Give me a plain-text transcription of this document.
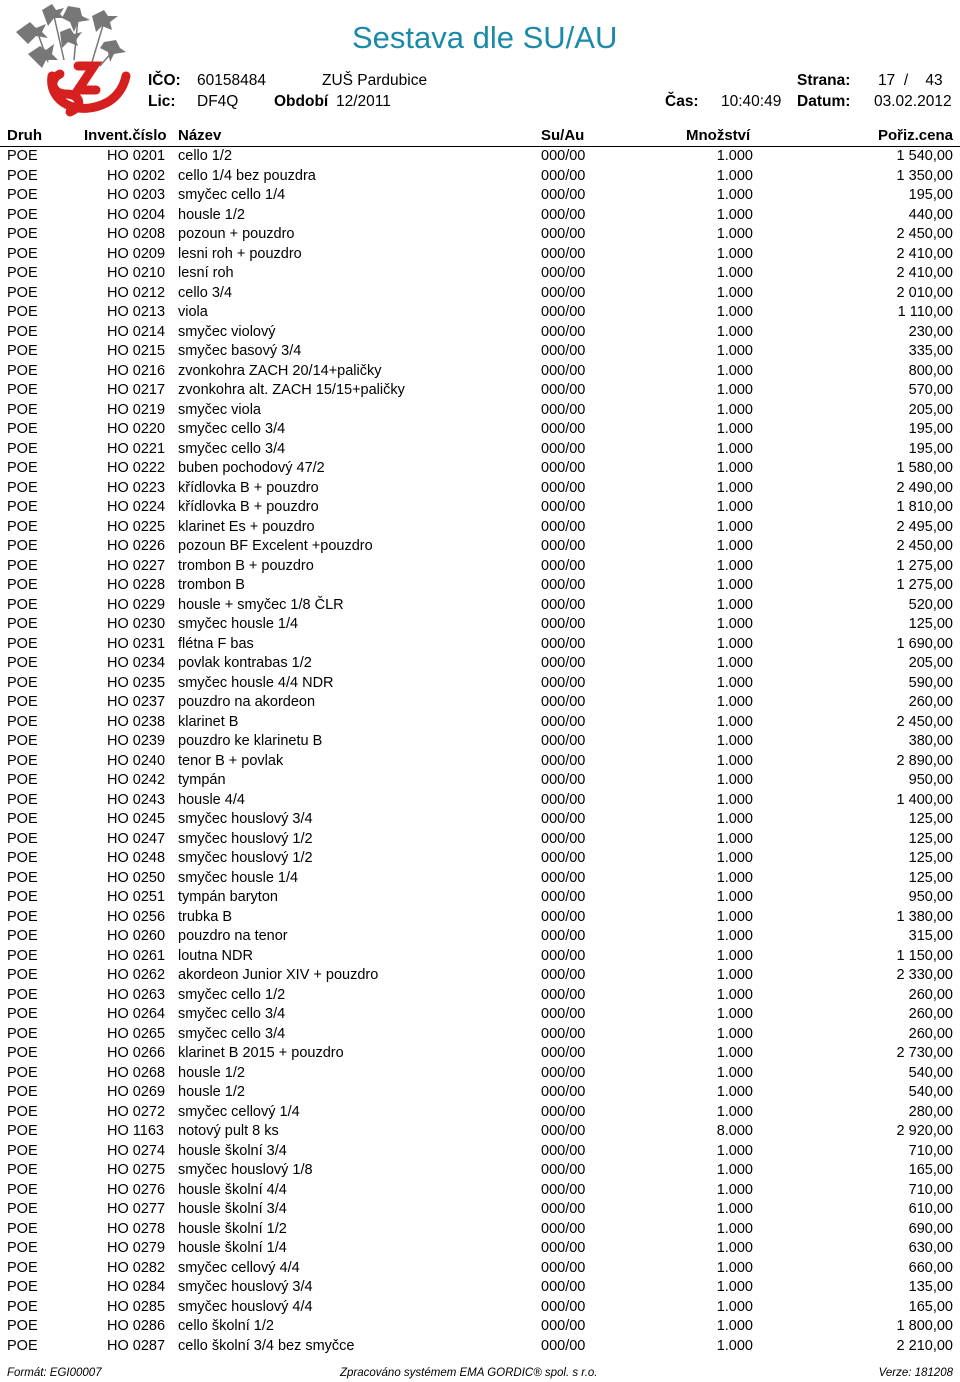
Sestava dle SU/AU
IČO: 60158484	ZUŠ Pardubice
Lic: DF4Q Období 12/2011
Strana: 17  /    43
Čas: 10:40:49 Datum: 03.02.2012
Druh	Invent.číslo Název	Su/Au	Množství	Pořiz.cena
POE	HO 0201 cello 1/2	000/00	1.000	1 540,00
POE	HO 0202 cello 1/4 bez pouzdra	000/00	1.000	1 350,00
POE	HO 0203 smyčec cello 1/4	000/00	1.000	195,00
POE	HO 0204 housle 1/2	000/00	1.000	440,00
POE	HO 0208 pozoun + pouzdro	000/00	1.000	2 450,00
POE	HO 0209 lesni roh + pouzdro	000/00	1.000	2 410,00
POE	HO 0210 lesní roh	000/00	1.000	2 410,00
POE	HO 0212 cello 3/4	000/00	1.000	2 010,00
POE	HO 0213 viola	000/00	1.000	1 110,00
POE	HO 0214 smyčec violový	000/00	1.000	230,00
POE	HO 0215 smyčec basový 3/4	000/00	1.000	335,00
POE	HO 0216 zvonkohra ZACH 20/14+paličky	000/00	1.000	800,00
POE	HO 0217 zvonkohra alt. ZACH 15/15+paličky	000/00	1.000	570,00
POE	HO 0219 smyčec viola	000/00	1.000	205,00
POE	HO 0220 smyčec cello 3/4	000/00	1.000	195,00
POE	HO 0221 smyčec cello 3/4	000/00	1.000	195,00
POE	HO 0222 buben pochodový 47/2	000/00	1.000	1 580,00
POE	HO 0223 křídlovka B + pouzdro	000/00	1.000	2 490,00
POE	HO 0224 křídlovka B + pouzdro	000/00	1.000	1 810,00
POE	HO 0225 klarinet Es + pouzdro	000/00	1.000	2 495,00
POE	HO 0226 pozoun BF Excelent +pouzdro	000/00	1.000	2 450,00
POE	HO 0227 trombon B + pouzdro	000/00	1.000	1 275,00
POE	HO 0228 trombon B	000/00	1.000	1 275,00
POE	HO 0229 housle + smyčec 1/8 ČLR	000/00	1.000	520,00
POE	HO 0230 smyčec housle 1/4	000/00	1.000	125,00
POE	HO 0231 flétna F bas	000/00	1.000	1 690,00
POE	HO 0234 povlak kontrabas 1/2	000/00	1.000	205,00
POE	HO 0235 smyčec housle 4/4 NDR	000/00	1.000	590,00
POE	HO 0237 pouzdro na akordeon	000/00	1.000	260,00
POE	HO 0238 klarinet B	000/00	1.000	2 450,00
POE	HO 0239 pouzdro ke klarinetu B	000/00	1.000	380,00
POE	HO 0240 tenor B + povlak	000/00	1.000	2 890,00
POE	HO 0242 tympán	000/00	1.000	950,00
POE	HO 0243 housle 4/4	000/00	1.000	1 400,00
POE	HO 0245 smyčec houslový 3/4	000/00	1.000	125,00
POE	HO 0247 smyčec houslový 1/2	000/00	1.000	125,00
POE	HO 0248 smyčec houslový 1/2	000/00	1.000	125,00
POE	HO 0250 smyčec housle 1/4	000/00	1.000	125,00
POE	HO 0251 tympán baryton	000/00	1.000	950,00
POE	HO 0256 trubka B	000/00	1.000	1 380,00
POE	HO 0260 pouzdro na tenor	000/00	1.000	315,00
POE	HO 0261 loutna NDR	000/00	1.000	1 150,00
POE	HO 0262 akordeon Junior XIV + pouzdro	000/00	1.000	2 330,00
POE	HO 0263 smyčec cello 1/2	000/00	1.000	260,00
POE	HO 0264 smyčec cello 3/4	000/00	1.000	260,00
POE	HO 0265 smyčec cello 3/4	000/00	1.000	260,00
POE	HO 0266 klarinet B 2015 + pouzdro	000/00	1.000	2 730,00
POE	HO 0268 housle 1/2	000/00	1.000	540,00
POE	HO 0269 housle 1/2	000/00	1.000	540,00
POE	HO 0272 smyčec cellový 1/4	000/00	1.000	280,00
POE	HO 1163 notový pult 8 ks	000/00	8.000	2 920,00
POE	HO 0274 housle školní 3/4	000/00	1.000	710,00
POE	HO 0275 smyčec houslový 1/8	000/00	1.000	165,00
POE	HO 0276 housle školní 4/4	000/00	1.000	710,00
POE	HO 0277 housle školní 3/4	000/00	1.000	610,00
POE	HO 0278 housle školní 1/2	000/00	1.000	690,00
POE	HO 0279 housle školní 1/4	000/00	1.000	630,00
POE	HO 0282 smyčec cellový 4/4	000/00	1.000	660,00
POE	HO 0284 smyčec houslový 3/4	000/00	1.000	135,00
POE	HO 0285 smyčec houslový 4/4	000/00	1.000	165,00
POE	HO 0286 cello školní 1/2	000/00	1.000	1 800,00
POE	HO 0287 cello školní 3/4 bez smyčce	000/00	1.000	2 210,00
Formát: EGI00007	Zpracováno systémem EMA GORDIC® spol. s r.o.	Verze: 181208
